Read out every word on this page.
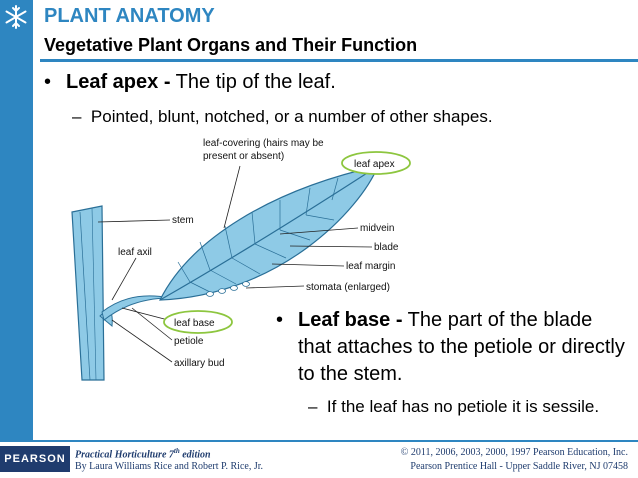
PLANT ANATOMY
Vegetative Plant Organs and Their Function
• Leaf apex - The tip of the leaf.
– Pointed, blunt, notched, or a number of other shapes.
leaf-covering (hairs may be
present or absent)
leaf apex
stem
midvein
leaf axil	blade
leaf margin
stomata (enlarged)
leaf base
petiole
axillary bud
• Leaf base - The part of the blade that attaches to the petiole or directly to the stem.
– If the leaf has no petiole it is sessile.
PEARSON Practical Horticulture 7th edition
By Laura Williams Rice and Robert P. Rice, Jr.
© 2011, 2006, 2003, 2000, 1997 Pearson Education, Inc.
Pearson Prentice Hall - Upper Saddle River, NJ 07458
